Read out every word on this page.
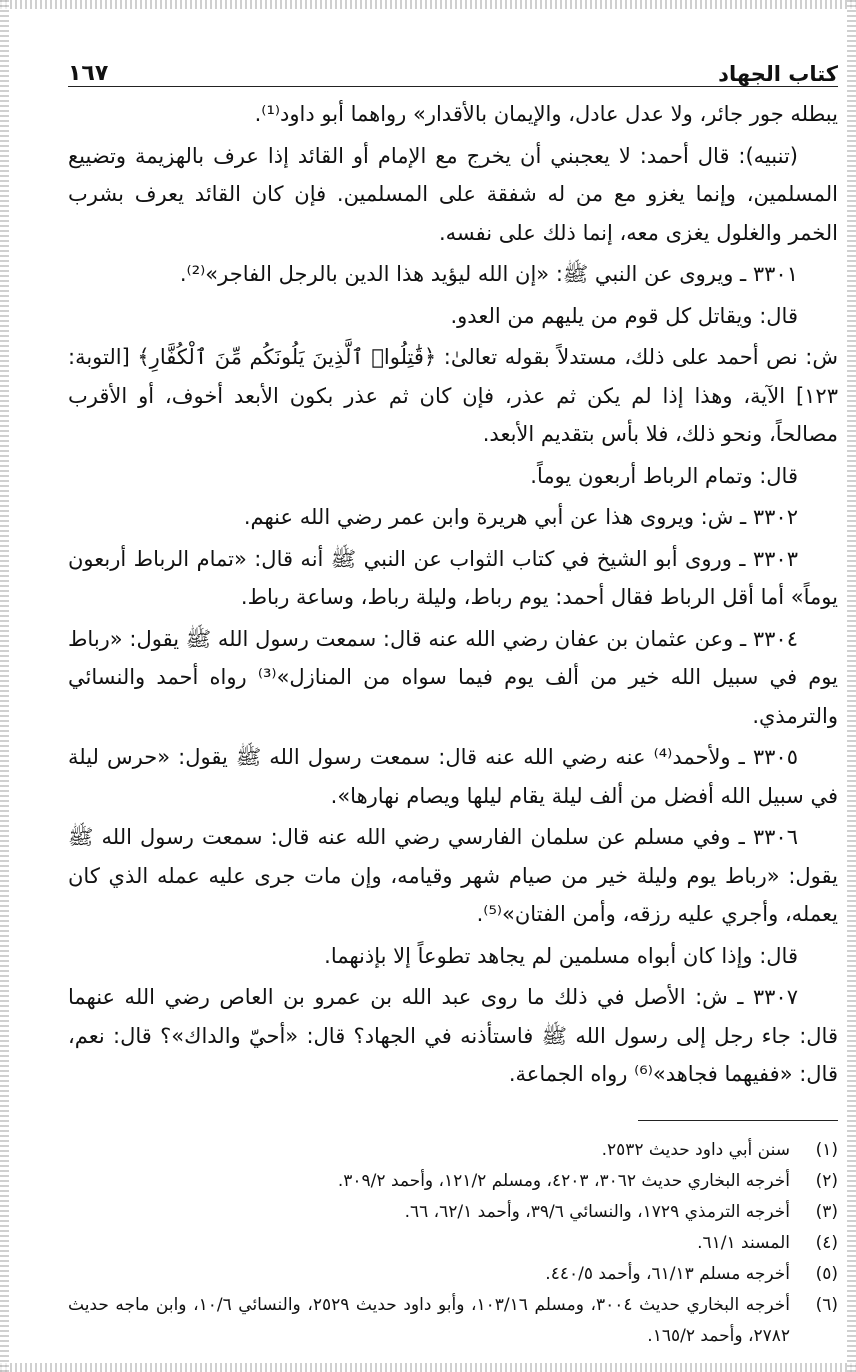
كتاب الجهاد
١٦٧

يبطله جور جائر، ولا عدل عادل، والإيمان بالأقدار» رواهما أبو داود⁽¹⁾.

(تنبيه): قال أحمد: لا يعجبني أن يخرج مع الإمام أو القائد إذا عرف بالهزيمة وتضييع المسلمين، وإنما يغزو مع من له شفقة على المسلمين. فإن كان القائد يعرف بشرب الخمر والغلول يغزى معه، إنما ذلك على نفسه.

٣٣٠١ ـ ويروى عن النبي ﷺ: «إن الله ليؤيد هذا الدين بالرجل الفاجر»⁽²⁾.

قال: ويقاتل كل قوم من يليهم من العدو.

ش: نص أحمد على ذلك، مستدلاً بقوله تعالىٰ: ﴿قَٰتِلُوا۟ ٱلَّذِينَ يَلُونَكُم مِّنَ ٱلْكُفَّارِ﴾ [التوبة: ١٢٣] الآية، وهذا إذا لم يكن ثم عذر، فإن كان ثم عذر بكون الأبعد أخوف، أو الأقرب مصالحاً، ونحو ذلك، فلا بأس بتقديم الأبعد.

قال: وتمام الرباط أربعون يوماً.

٣٣٠٢ ـ ش: ويروى هذا عن أبي هريرة وابن عمر رضي الله عنهم.

٣٣٠٣ ـ وروى أبو الشيخ في كتاب الثواب عن النبي ﷺ أنه قال: «تمام الرباط أربعون يوماً» أما أقل الرباط فقال أحمد: يوم رباط، وليلة رباط، وساعة رباط.

٣٣٠٤ ـ وعن عثمان بن عفان رضي الله عنه قال: سمعت رسول الله ﷺ يقول: «رباط يوم في سبيل الله خير من ألف يوم فيما سواه من المنازل»⁽³⁾ رواه أحمد والنسائي والترمذي.

٣٣٠٥ ـ ولأحمد⁽⁴⁾ عنه رضي الله عنه قال: سمعت رسول الله ﷺ يقول: «حرس ليلة في سبيل الله أفضل من ألف ليلة يقام ليلها ويصام نهارها».

٣٣٠٦ ـ وفي مسلم عن سلمان الفارسي رضي الله عنه قال: سمعت رسول الله ﷺ يقول: «رباط يوم وليلة خير من صيام شهر وقيامه، وإن مات جرى عليه عمله الذي كان يعمله، وأجري عليه رزقه، وأمن الفتان»⁽⁵⁾.

قال: وإذا كان أبواه مسلمين لم يجاهد تطوعاً إلا بإذنهما.

٣٣٠٧ ـ ش: الأصل في ذلك ما روى عبد الله بن عمرو بن العاص رضي الله عنهما قال: جاء رجل إلى رسول الله ﷺ فاستأذنه في الجهاد؟ قال: «أحيّ والداك»؟ قال: نعم، قال: «ففيهما فجاهد»⁽⁶⁾ رواه الجماعة.

(١)
سنن أبي داود حديث ٢٥٣٢.
(٢)
أخرجه البخاري حديث ٣٠٦٢، ٤٢٠٣، ومسلم ١٢١/٢، وأحمد ٣٠٩/٢.
(٣)
أخرجه الترمذي ١٧٢٩، والنسائي ٣٩/٦، وأحمد ٦٢/١، ٦٦.
(٤)
المسند ٦١/١.
(٥)
أخرجه مسلم ٦١/١٣، وأحمد ٤٤٠/٥.
(٦)
أخرجه البخاري حديث ٣٠٠٤، ومسلم ١٠٣/١٦، وأبو داود حديث ٢٥٢٩، والنسائي ١٠/٦، وابن ماجه حديث ٢٧٨٢، وأحمد ١٦٥/٢.
